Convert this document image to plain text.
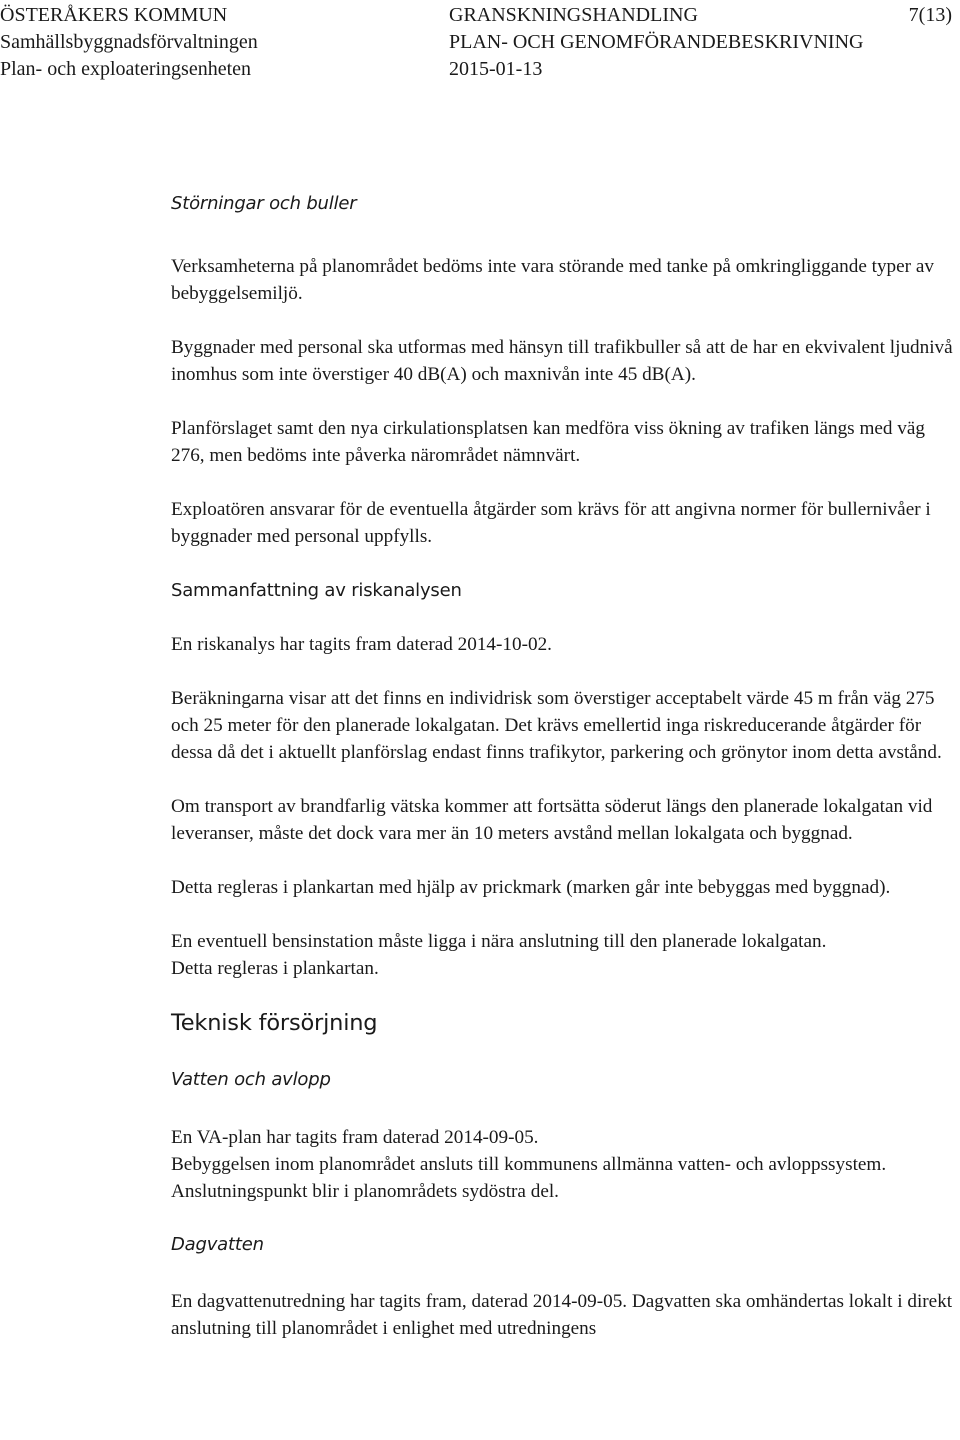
ÖSTERÅKERS KOMMUN	GRANSKNINGSHANDLING	7(13)
Samhällsbyggnadsförvaltningen	PLAN- OCH GENOMFÖRANDEBESKRIVNING
Plan- och exploateringsenheten	2015-01-13

Störningar och buller

Verksamheterna på planområdet bedöms inte vara störande med tanke på omkringliggande typer av bebyggelsemiljö.

Byggnader med personal ska utformas med hänsyn till trafikbuller så att de har en ekvivalent ljudnivå inomhus som inte överstiger 40 dB(A) och maxnivån inte 45 dB(A).

Planförslaget samt den nya cirkulationsplatsen kan medföra viss ökning av trafiken längs med väg 276, men bedöms inte påverka närområdet nämnvärt.

Exploatören ansvarar för de eventuella åtgärder som krävs för att angivna normer för bullernivåer i byggnader med personal uppfylls.

Sammanfattning av riskanalysen

En riskanalys har tagits fram daterad 2014-10-02.

Beräkningarna visar att det finns en individrisk som överstiger acceptabelt värde 45 m från väg 275 och 25 meter för den planerade lokalgatan. Det krävs emellertid inga riskreducerande åtgärder för dessa då det i aktuellt planförslag endast finns trafikytor, parkering och grönytor inom detta avstånd.

Om transport av brandfarlig vätska kommer att fortsätta söderut längs den planerade lokalgatan vid leveranser, måste det dock vara mer än 10 meters avstånd mellan lokalgata och byggnad.

Detta regleras i plankartan med hjälp av prickmark (marken går inte bebyggas med byggnad).

En eventuell bensinstation måste ligga i nära anslutning till den planerade lokalgatan.
Detta regleras i plankartan.

Teknisk försörjning

Vatten och avlopp

En VA-plan har tagits fram daterad 2014-09-05.
Bebyggelsen inom planområdet ansluts till kommunens allmänna vatten- och avloppssystem. Anslutningspunkt blir i planområdets sydöstra del.

Dagvatten

En dagvattenutredning har tagits fram, daterad 2014-09-05. Dagvatten ska omhändertas lokalt i direkt anslutning till planområdet i enlighet med utredningens
